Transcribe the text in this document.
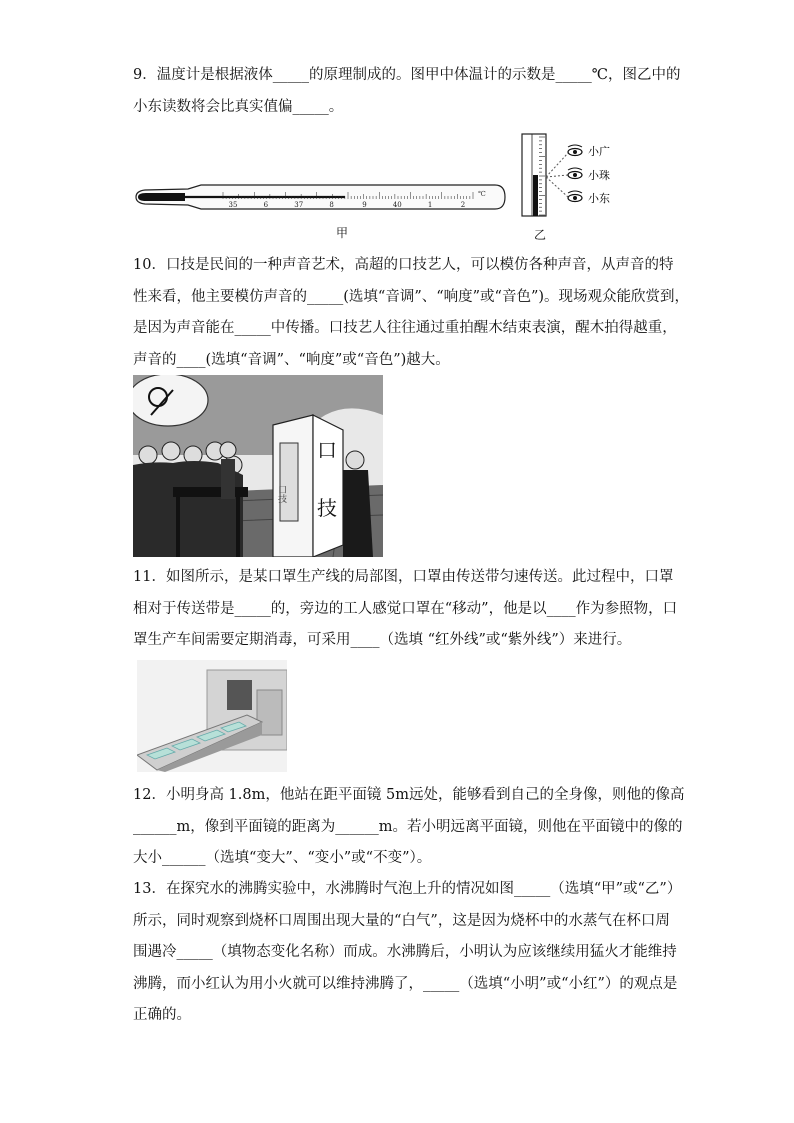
9．温度计是根据液体_____的原理制成的。图甲中体温计的示数是_____℃，图乙中的

小东读数将会比真实值偏_____。

35	6	37	8	9	40	1	2
℃
小广
小珠
小东
甲	乙

10．口技是民间的一种声音艺术，高超的口技艺人，可以模仿各种声音，从声音的特

性来看，他主要模仿声音的_____(选填“音调”、“响度”或“音色”)。现场观众能欣赏到，

是因为声音能在_____中传播。口技艺人往往通过重拍醒木结束表演，醒木拍得越重，

声音的____(选填“音调”、“响度”或“音色”)越大。

口技
口
技

11．如图所示，是某口罩生产线的局部图，口罩由传送带匀速传送。此过程中，口罩

相对于传送带是_____的，旁边的工人感觉口罩在“移动”，他是以____作为参照物，口

罩生产车间需要定期消毒，可采用____（选填 “红外线”或“紫外线”）来进行。

12．小明身高 1.8m，他站在距平面镜 5m远处，能够看到自己的全身像，则他的像高

______m，像到平面镜的距离为______m。若小明远离平面镜，则他在平面镜中的像的

大小______（选填“变大”、“变小”或“不变”）。

13．在探究水的沸腾实验中，水沸腾时气泡上升的情况如图_____（选填“甲”或“乙”）

所示，同时观察到烧杯口周围出现大量的“白气”，这是因为烧杯中的水蒸气在杯口周

围遇冷_____（填物态变化名称）而成。水沸腾后，小明认为应该继续用猛火才能维持

沸腾，而小红认为用小火就可以维持沸腾了，_____（选填“小明”或“小红”）的观点是

正确的。
